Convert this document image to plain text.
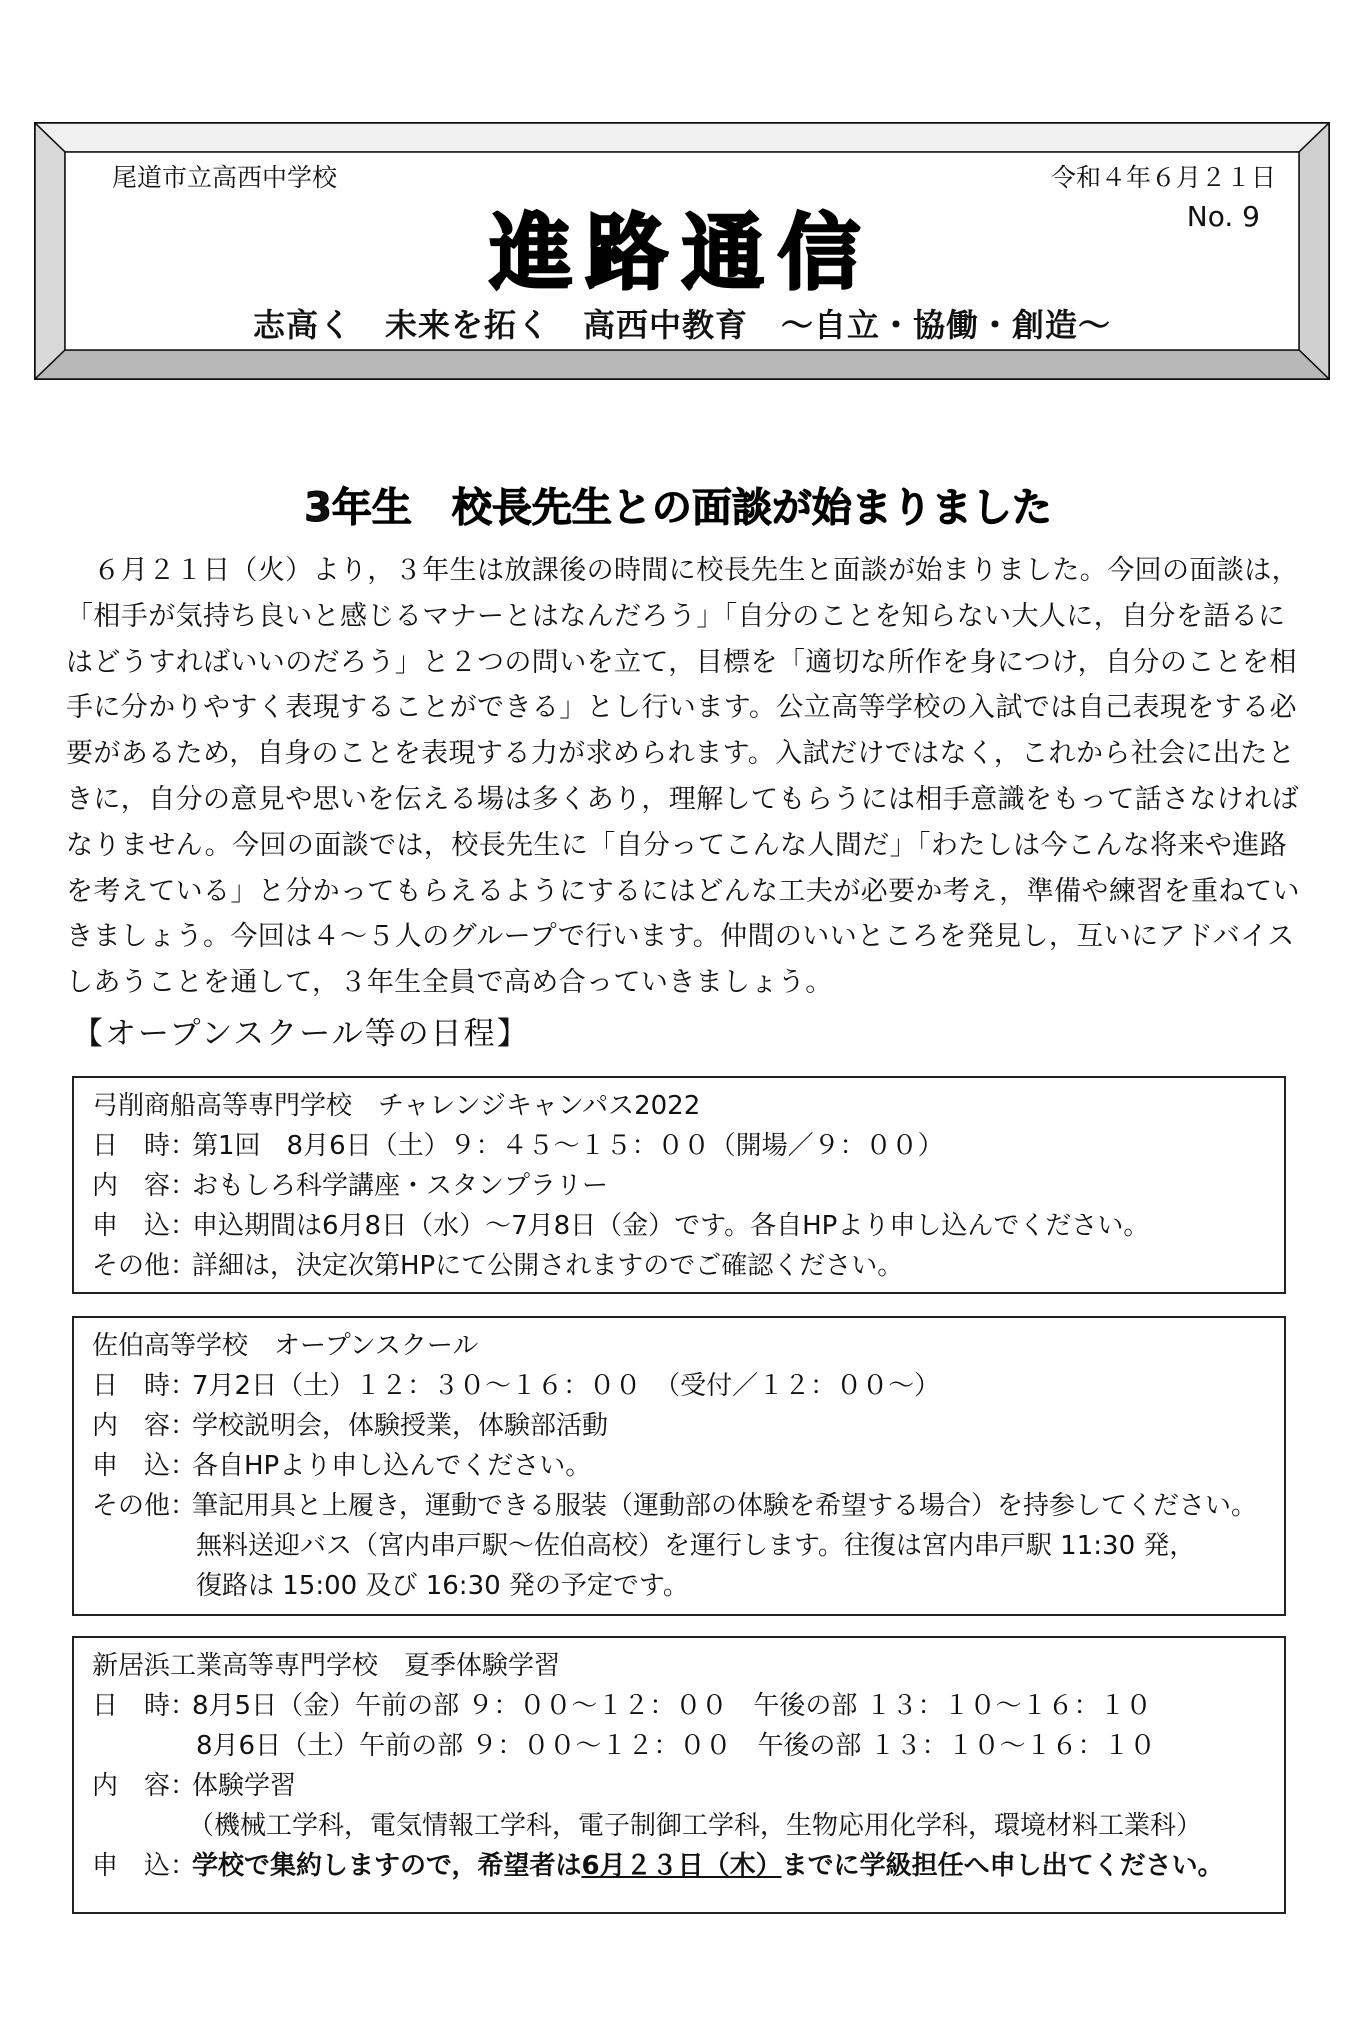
尾道市立高西中学校	令和４年６月２１日
No. 9
進路通信
志高く　未来を拓く　高西中教育　～自立・協働・創造～
3年生　校長先生との面談が始まりました
　６月２１日（火）より，３年生は放課後の時間に校長先生と面談が始まりました。今回の面談は，
「相手が気持ち良いと感じるマナーとはなんだろう」「自分のことを知らない大人に，自分を語るに
はどうすればいいのだろう」と２つの問いを立て，目標を「適切な所作を身につけ，自分のことを相
手に分かりやすく表現することができる」とし行います。公立高等学校の入試では自己表現をする必
要があるため，自身のことを表現する力が求められます。入試だけではなく，これから社会に出たと
きに，自分の意見や思いを伝える場は多くあり，理解してもらうには相手意識をもって話さなければ
なりません。今回の面談では，校長先生に「自分ってこんな人間だ」「わたしは今こんな将来や進路
を考えている」と分かってもらえるようにするにはどんな工夫が必要か考え，準備や練習を重ねてい
きましょう。今回は４～５人のグループで行います。仲間のいいところを発見し，互いにアドバイス
しあうことを通して，３年生全員で高め合っていきましょう。
【オープンスクール等の日程】
弓削商船高等専門学校　チャレンジキャンパス2022
日　時：
第1回　8月6日（土）９：４５～１５：００（開場／９：００）
内　容：
おもしろ科学講座・スタンプラリー
申　込：
申込期間は6月8日（水）～7月8日（金）です。各自HPより申し込んでください。
その他：
詳細は，決定次第HPにて公開されますのでご確認ください。
佐伯高等学校　オープンスクール
日　時：
7月2日（土）１２：３０～１６：００　（受付／１２：００～）
内　容：
学校説明会，体験授業，体験部活動
申　込：
各自HPより申し込んでください。
その他：
筆記用具と上履き，運動できる服装（運動部の体験を希望する場合）を持参してください。
無料送迎バス（宮内串戸駅～佐伯高校）を運行します。往復は宮内串戸駅 11:30 発，
復路は 15:00 及び 16:30 発の予定です。
新居浜工業高等専門学校　夏季体験学習
日　時：
8月5日（金）午前の部 ９：００～１２：００　午後の部 １３：１０～１６：１０
8月6日（土）午前の部 ９：００～１２：００　午後の部 １３：１０～１６：１０
内　容：
体験学習
（機械工学科，電気情報工学科，電子制御工学科，生物応用化学科，環境材料工業科）
申　込：
学校で集約しますので，希望者は 6月２３日（木） までに学級担任へ申し出てください。
